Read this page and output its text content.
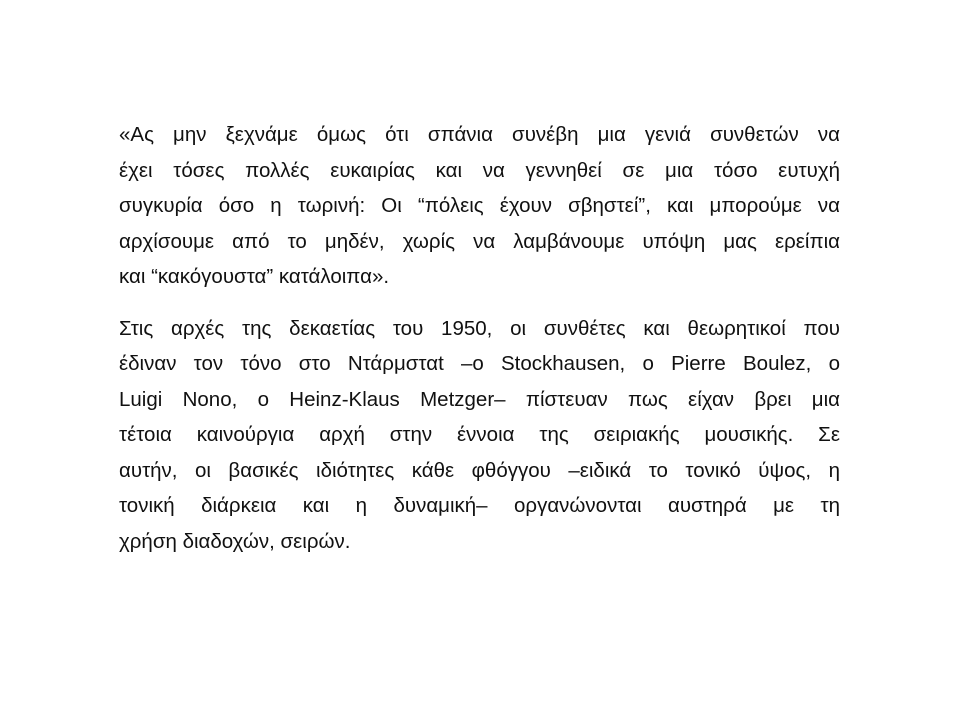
«Ας μην ξεχνάμε όμως ότι σπάνια συνέβη μια γενιά συνθετών να
έχει τόσες πολλές ευκαιρίας και να γεννηθεί σε μια τόσο ευτυχή
συγκυρία όσο η τωρινή: Οι “πόλεις έχουν σβηστεί”, και μπορούμε να
αρχίσουμε από το μηδέν, χωρίς να λαμβάνουμε υπόψη μας ερείπια
και “κακόγουστα” κατάλοιπα».
Στις αρχές της δεκαετίας του 1950, οι συνθέτες και θεωρητικοί που
έδιναν τον τόνο στο Ντάρμσταt –ο Stockhausen, ο Pierre Boulez, ο
Luigi Nono, ο Heinz-Klaus Metzger– πίστευαν πως είχαν βρει μια
τέτοια καινούργια αρχή στην έννοια της σειριακής μουσικής. Σε
αυτήν, οι βασικές ιδιότητες κάθε φθόγγου –ειδικά το τονικό ύψος, η
τονική διάρκεια και η δυναμική– οργανώνονται αυστηρά με τη
χρήση διαδοχών, σειρών.
